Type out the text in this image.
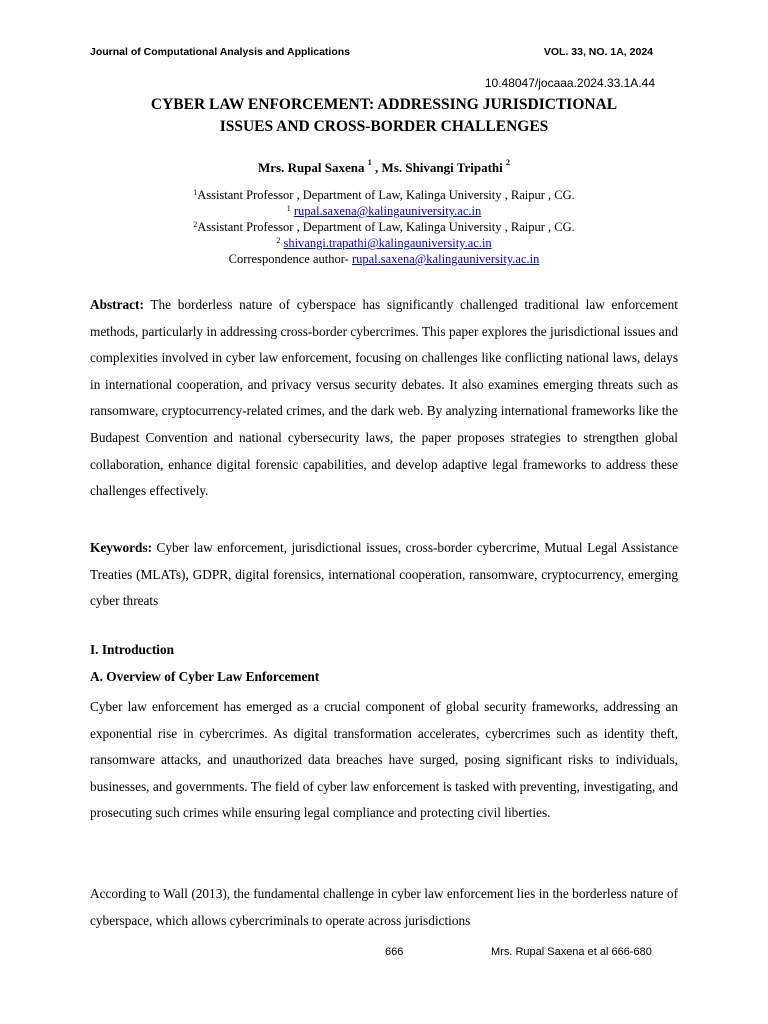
Journal of Computational Analysis and Applications	VOL. 33, NO. 1A, 2024
10.48047/jocaaa.2024.33.1A.44
CYBER LAW ENFORCEMENT: ADDRESSING JURISDICTIONAL
ISSUES AND CROSS-BORDER CHALLENGES
Mrs. Rupal Saxena $^1$ , Ms. Shivangi Tripathi $^2$
$^1$Assistant Professor , Department of Law, Kalinga University , Raipur , CG.
$^1$ rupal.saxena@kalingauniversity.ac.in
$^2$Assistant Professor , Department of Law, Kalinga University , Raipur , CG.
$^2$ shivangi.trapathi@kalingauniversity.ac.in
Correspondence author- rupal.saxena@kalingauniversity.ac.in

Abstract: The borderless nature of cyberspace has significantly challenged traditional law enforcement methods, particularly in addressing cross-border cybercrimes. This paper explores the jurisdictional issues and complexities involved in cyber law enforcement, focusing on challenges like conflicting national laws, delays in international cooperation, and privacy versus security debates. It also examines emerging threats such as ransomware, cryptocurrency-related crimes, and the dark web. By analyzing international frameworks like the Budapest Convention and national cybersecurity laws, the paper proposes strategies to strengthen global collaboration, enhance digital forensic capabilities, and develop adaptive legal frameworks to address these challenges effectively.

Keywords: Cyber law enforcement, jurisdictional issues, cross-border cybercrime, Mutual Legal Assistance Treaties (MLATs), GDPR, digital forensics, international cooperation, ransomware, cryptocurrency, emerging cyber threats

I. Introduction
A. Overview of Cyber Law Enforcement

Cyber law enforcement has emerged as a crucial component of global security frameworks, addressing an exponential rise in cybercrimes. As digital transformation accelerates, cybercrimes such as identity theft, ransomware attacks, and unauthorized data breaches have surged, posing significant risks to individuals, businesses, and governments. The field of cyber law enforcement is tasked with preventing, investigating, and prosecuting such crimes while ensuring legal compliance and protecting civil liberties.

According to Wall (2013), the fundamental challenge in cyber law enforcement lies in the borderless nature of cyberspace, which allows cybercriminals to operate across jurisdictions

666	Mrs. Rupal Saxena et al 666-680
